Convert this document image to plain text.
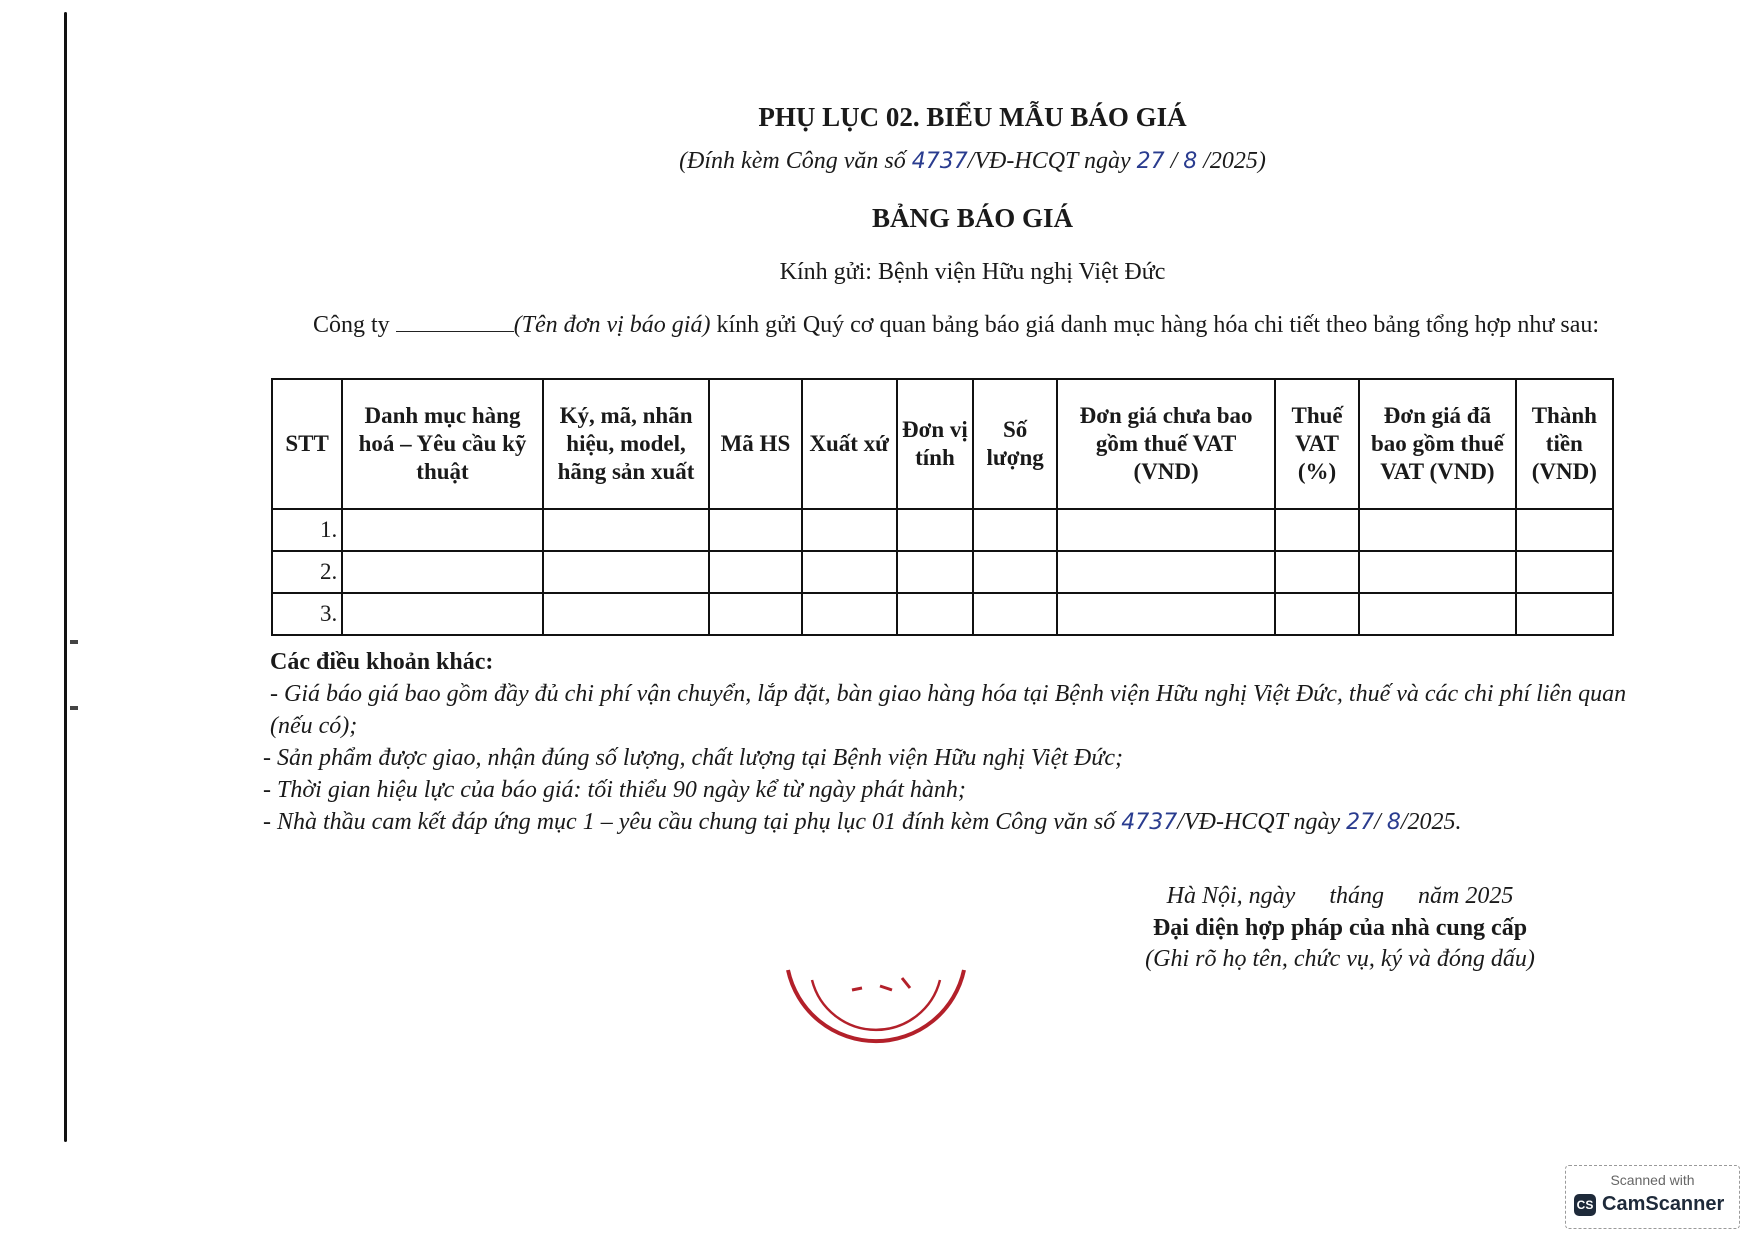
PHỤ LỤC 02. BIỂU MẪU BÁO GIÁ
(Đính kèm Công văn số 4737/VĐ-HCQT ngày 27 / 8 /2025)
BẢNG BÁO GIÁ
Kính gửi: Bệnh viện Hữu nghị Việt Đức
Công ty	(Tên đơn vị báo giá) kính gửi Quý cơ quan bảng báo giá danh mục hàng hóa chi tiết theo bảng tổng hợp như sau:
STT	Danh mục hàng hoá – Yêu cầu kỹ thuật	Ký, mã, nhãn hiệu, model, hãng sản xuất	Mã HS	Xuất xứ	Đơn vị tính	Số lượng	Đơn giá chưa bao gồm thuế VAT (VND)	Thuế VAT (%)	Đơn giá đã bao gồm thuế VAT (VND)	Thành tiền (VND)
1.										
2.										
3.										
Các điều khoản khác:
- Giá báo giá bao gồm đầy đủ chi phí vận chuyển, lắp đặt, bàn giao hàng hóa tại Bệnh viện Hữu nghị Việt Đức, thuế và các chi phí liên quan (nếu có);
- Sản phẩm được giao, nhận đúng số lượng, chất lượng tại Bệnh viện Hữu nghị Việt Đức;
- Thời gian hiệu lực của báo giá: tối thiểu 90 ngày kể từ ngày phát hành;
- Nhà thầu cam kết đáp ứng mục 1 – yêu cầu chung tại phụ lục 01 đính kèm Công văn số 4737/VĐ-HCQT ngày 27/ 8/2025.
Hà Nội, ngày tháng năm 2025
Đại diện hợp pháp của nhà cung cấp
(Ghi rõ họ tên, chức vụ, ký và đóng dấu)
Scanned with
CS CamScanner
